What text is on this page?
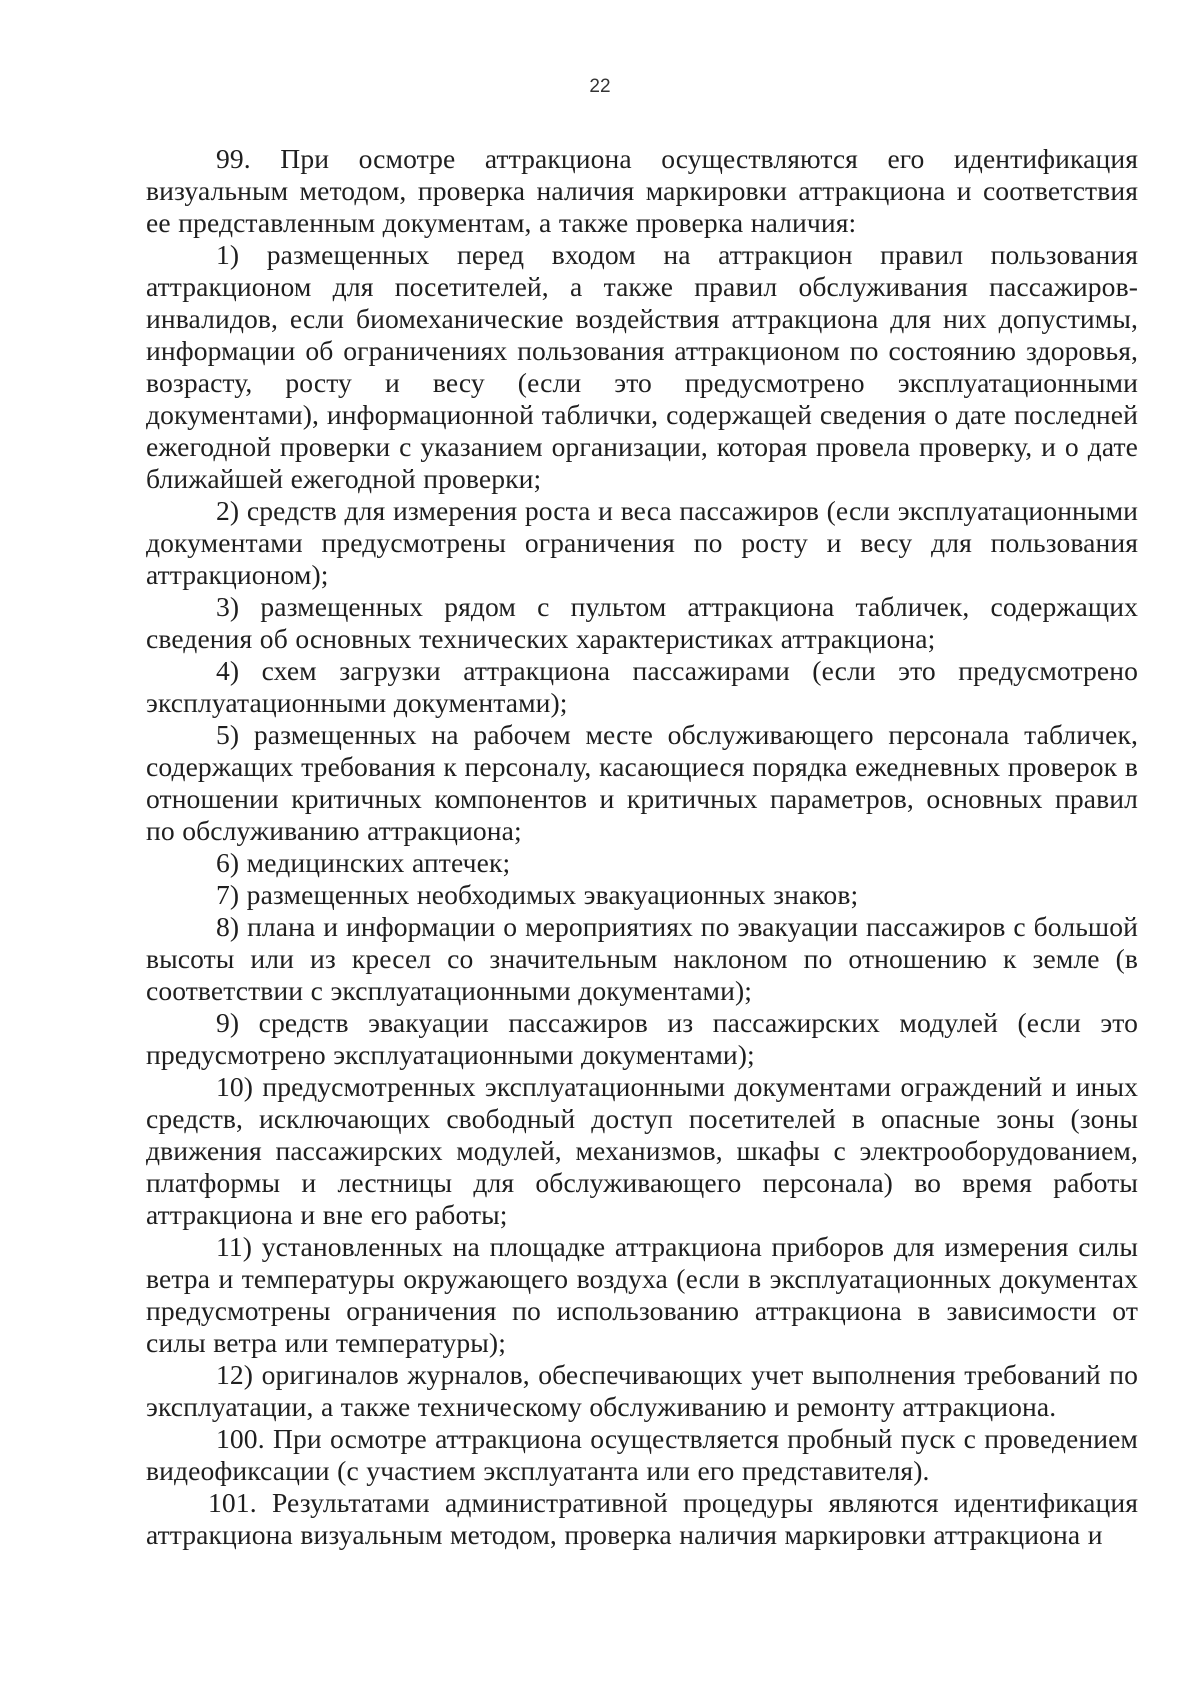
22

99. При осмотре аттракциона осуществляются его идентификация визуальным методом, проверка наличия маркировки аттракциона и соответствия ее представленным документам, а также проверка наличия:

1) размещенных перед входом на аттракцион правил пользования аттракционом для посетителей, а также правил обслуживания пассажиров-инвалидов, если биомеханические воздействия аттракциона для них допустимы, информации об ограничениях пользования аттракционом по состоянию здоровья, возрасту, росту и весу (если это предусмотрено эксплуатационными документами), информационной таблички, содержащей сведения о дате последней ежегодной проверки с указанием организации, которая провела проверку, и о дате ближайшей ежегодной проверки;

2) средств для измерения роста и веса пассажиров (если эксплуатационными документами предусмотрены ограничения по росту и весу для пользования аттракционом);

3) размещенных рядом с пультом аттракциона табличек, содержащих сведения об основных технических характеристиках аттракциона;

4) схем загрузки аттракциона пассажирами (если это предусмотрено эксплуатационными документами);

5) размещенных на рабочем месте обслуживающего персонала табличек, содержащих требования к персоналу, касающиеся порядка ежедневных проверок в отношении критичных компонентов и критичных параметров, основных правил по обслуживанию аттракциона;

6) медицинских аптечек;

7) размещенных необходимых эвакуационных знаков;

8) плана и информации о мероприятиях по эвакуации пассажиров с большой высоты или из кресел со значительным наклоном по отношению к земле (в соответствии с эксплуатационными документами);

9) средств эвакуации пассажиров из пассажирских модулей (если это предусмотрено эксплуатационными документами);

10) предусмотренных эксплуатационными документами ограждений и иных средств, исключающих свободный доступ посетителей в опасные зоны (зоны движения пассажирских модулей, механизмов, шкафы с электрооборудованием, платформы и лестницы для обслуживающего персонала) во время работы аттракциона и вне его работы;

11) установленных на площадке аттракциона приборов для измерения силы ветра и температуры окружающего воздуха (если в эксплуатационных документах предусмотрены ограничения по использованию аттракциона в зависимости от силы ветра или температуры);

12) оригиналов журналов, обеспечивающих учет выполнения требований по эксплуатации, а также техническому обслуживанию и ремонту аттракциона.

100. При осмотре аттракциона осуществляется пробный пуск с проведением видеофиксации (с участием эксплуатанта или его представителя).

101. Результатами административной процедуры являются идентификация аттракциона визуальным методом, проверка наличия маркировки аттракциона и
